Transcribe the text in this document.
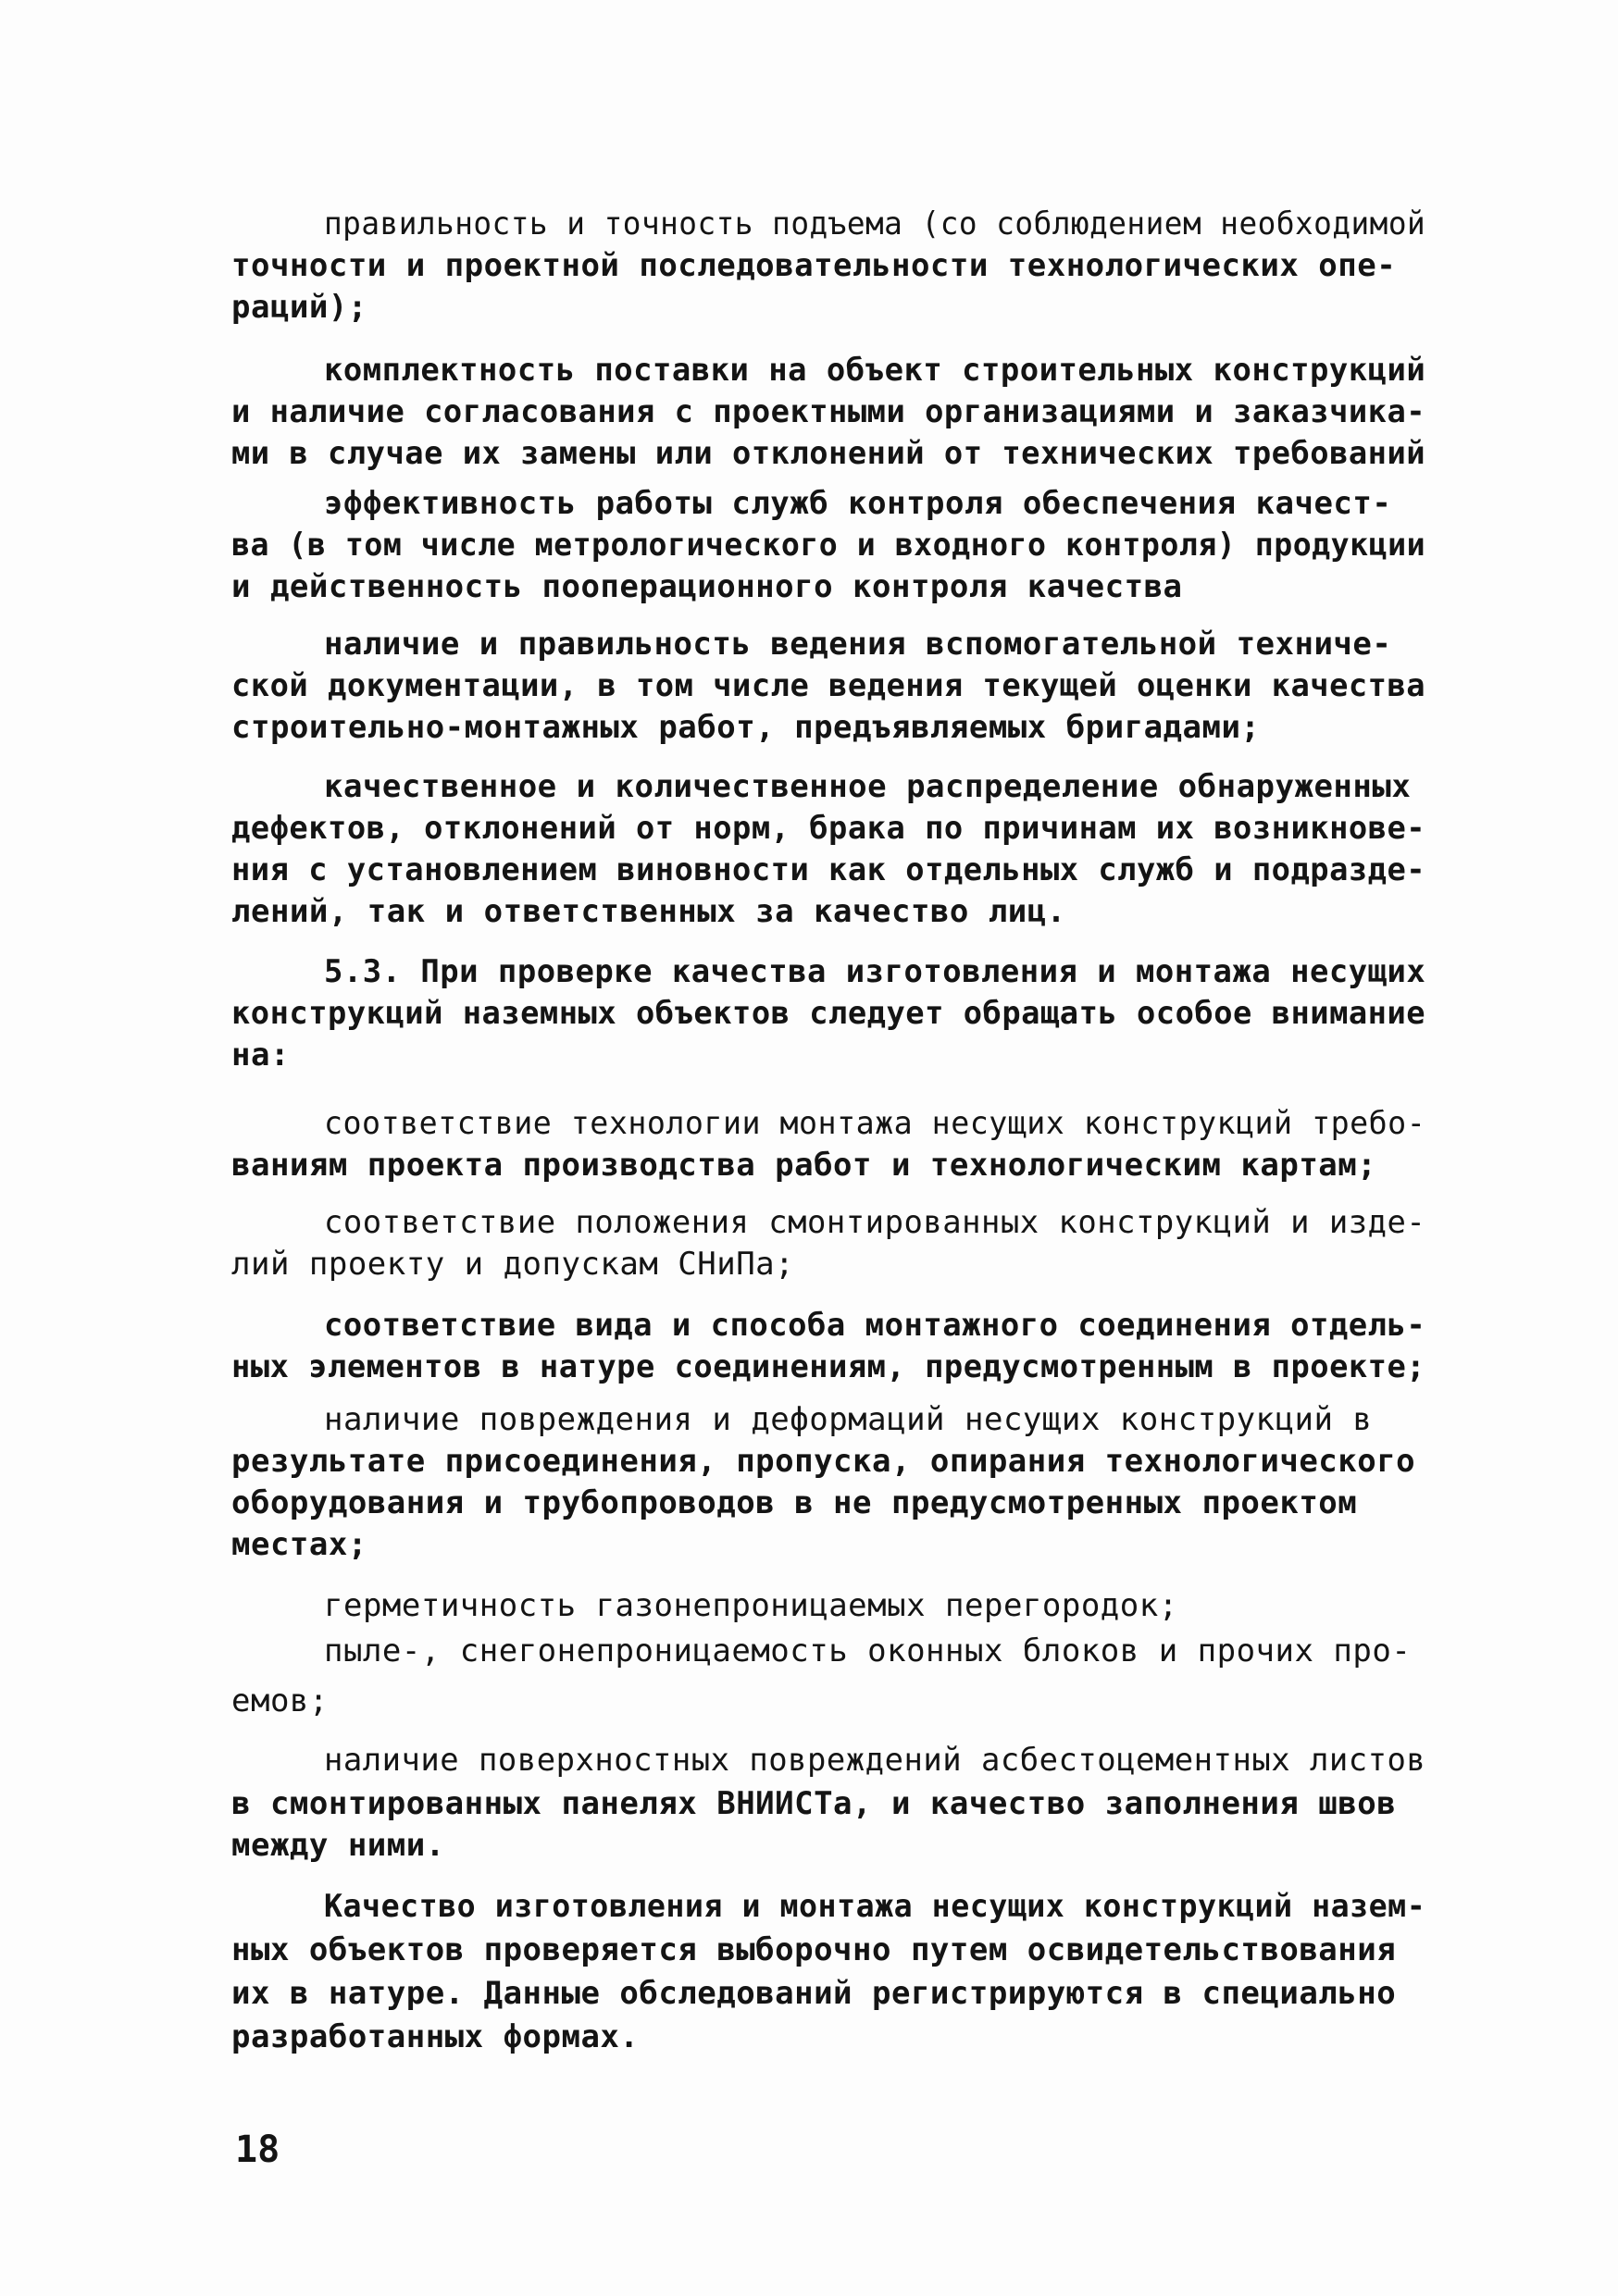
правильность и точность подъема (со соблюдением необходимой
точности и проектной последовательности технологических опе-
раций);
комплектность поставки на объект строительных конструкций
и наличие согласования с проектными организациями и заказчика-
ми в случае их замены или отклонений от технических требований
эффективность работы служб контроля обеспечения качест-
ва (в том числе метрологического и входного контроля) продукции
и действенность пооперационного контроля качества
наличие и правильность ведения вспомогательной техниче-
ской документации, в том числе ведения текущей оценки качества
строительно-монтажных работ, предъявляемых бригадами;
качественное и количественное распределение обнаруженных
дефектов, отклонений от норм, брака по причинам их возникнове-
ния с установлением виновности как отдельных служб и подразде-
лений, так и ответственных за качество лиц.
5.3. При проверке качества изготовления и монтажа несущих
конструкций наземных объектов следует обращать особое внимание
на:
соответствие технологии монтажа несущих конструкций требо-
ваниям проекта производства работ и технологическим картам;
соответствие положения смонтированных конструкций и изде-
лий проекту и допускам СНиПа;
соответствие вида и способа монтажного соединения отдель-
ных элементов в натуре соединениям, предусмотренным в проекте;
наличие повреждения и деформаций несущих конструкций в
результате присоединения, пропуска, опирания технологического
оборудования и трубопроводов в не предусмотренных проектом
местах;
герметичность газонепроницаемых перегородок;
пыле-, снегонепроницаемость оконных блоков и прочих про-
емов;
наличие поверхностных повреждений асбестоцементных листов
в смонтированных панелях ВНИИСТа, и качество заполнения швов
между ними.
Качество изготовления и монтажа несущих конструкций назем-
ных объектов проверяется выборочно путем освидетельствования
их в натуре. Данные обследований регистрируются в специально
разработанных формах.
18
